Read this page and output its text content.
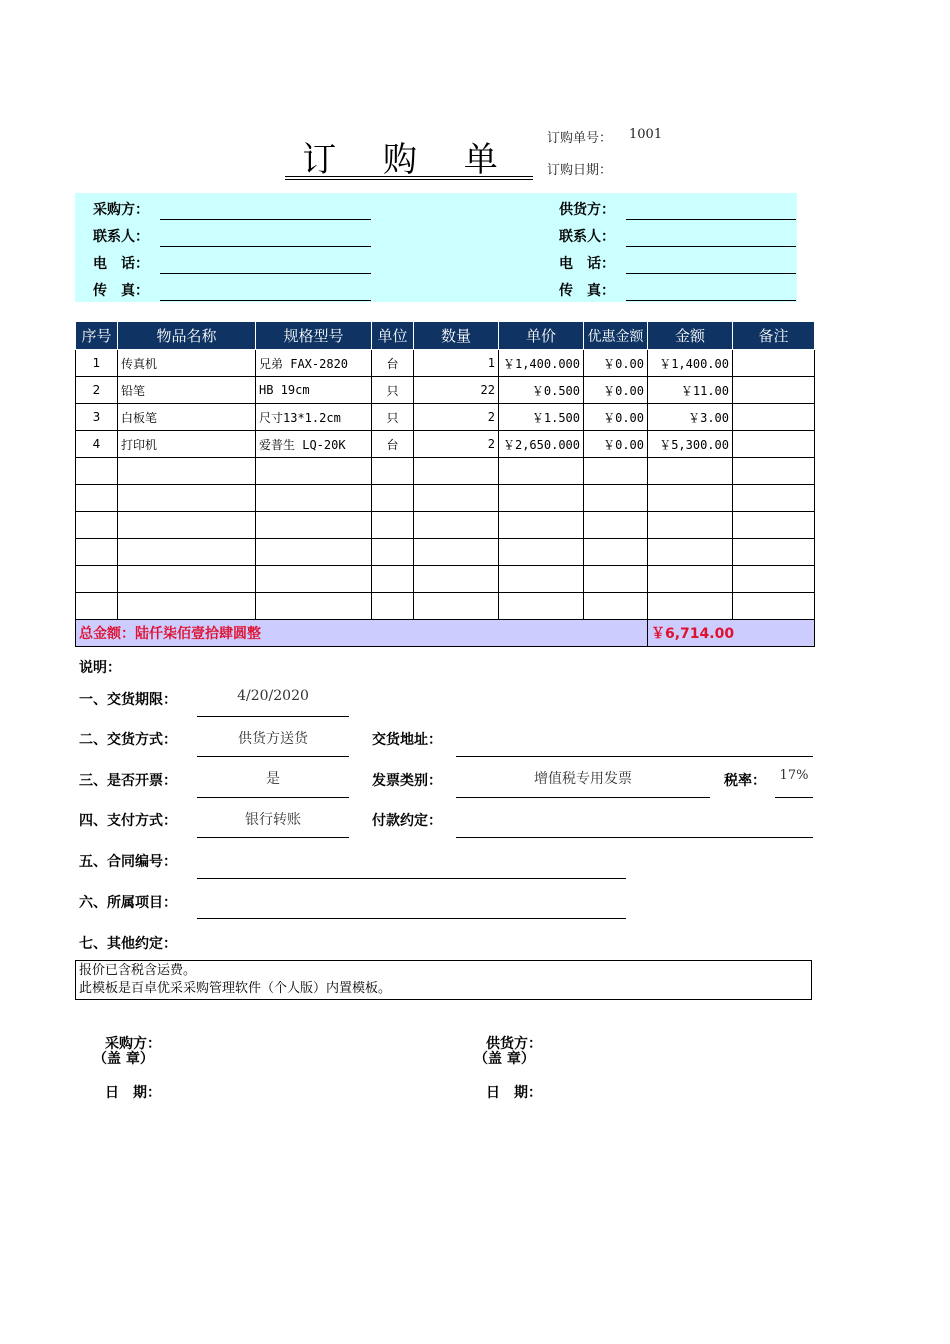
订 购 单
订购单号： 1001
订购日期：
采购方：
联系人：
电　话：
传　真：
供货方：
联系人：
电　话：
传　真：
序号	物品名称	规格型号	单位	数量	单价	优惠金额	金额	备注
1	传真机	兄弟 FAX-2820	台	1	￥1,400.000	￥0.00	￥1,400.00	
2	铅笔	HB 19cm	只	22	￥0.500	￥0.00	￥11.00	
3	白板笔	尺寸13*1.2cm	只	2	￥1.500	￥0.00	￥3.00	
4	打印机	爱普生 LQ-20K	台	2	￥2,650.000	￥0.00	￥5,300.00	

总金额：陆仟柒佰壹拾肆圆整							￥6,714.00	
说明：
一、交货期限：	4/20/2020
二、交货方式：	供货方送货	交货地址：
三、是否开票：	是	发票类别：	增值税专用发票	税率：	17%
四、支付方式：	银行转账	付款约定：
五、合同编号：
六、所属项目：
七、其他约定：
报价已含税含运费。
此模板是百卓优采采购管理软件（个人版）内置模板。
采购方：
（盖 章）
日　期：
供货方：
（盖 章）
日　期：
